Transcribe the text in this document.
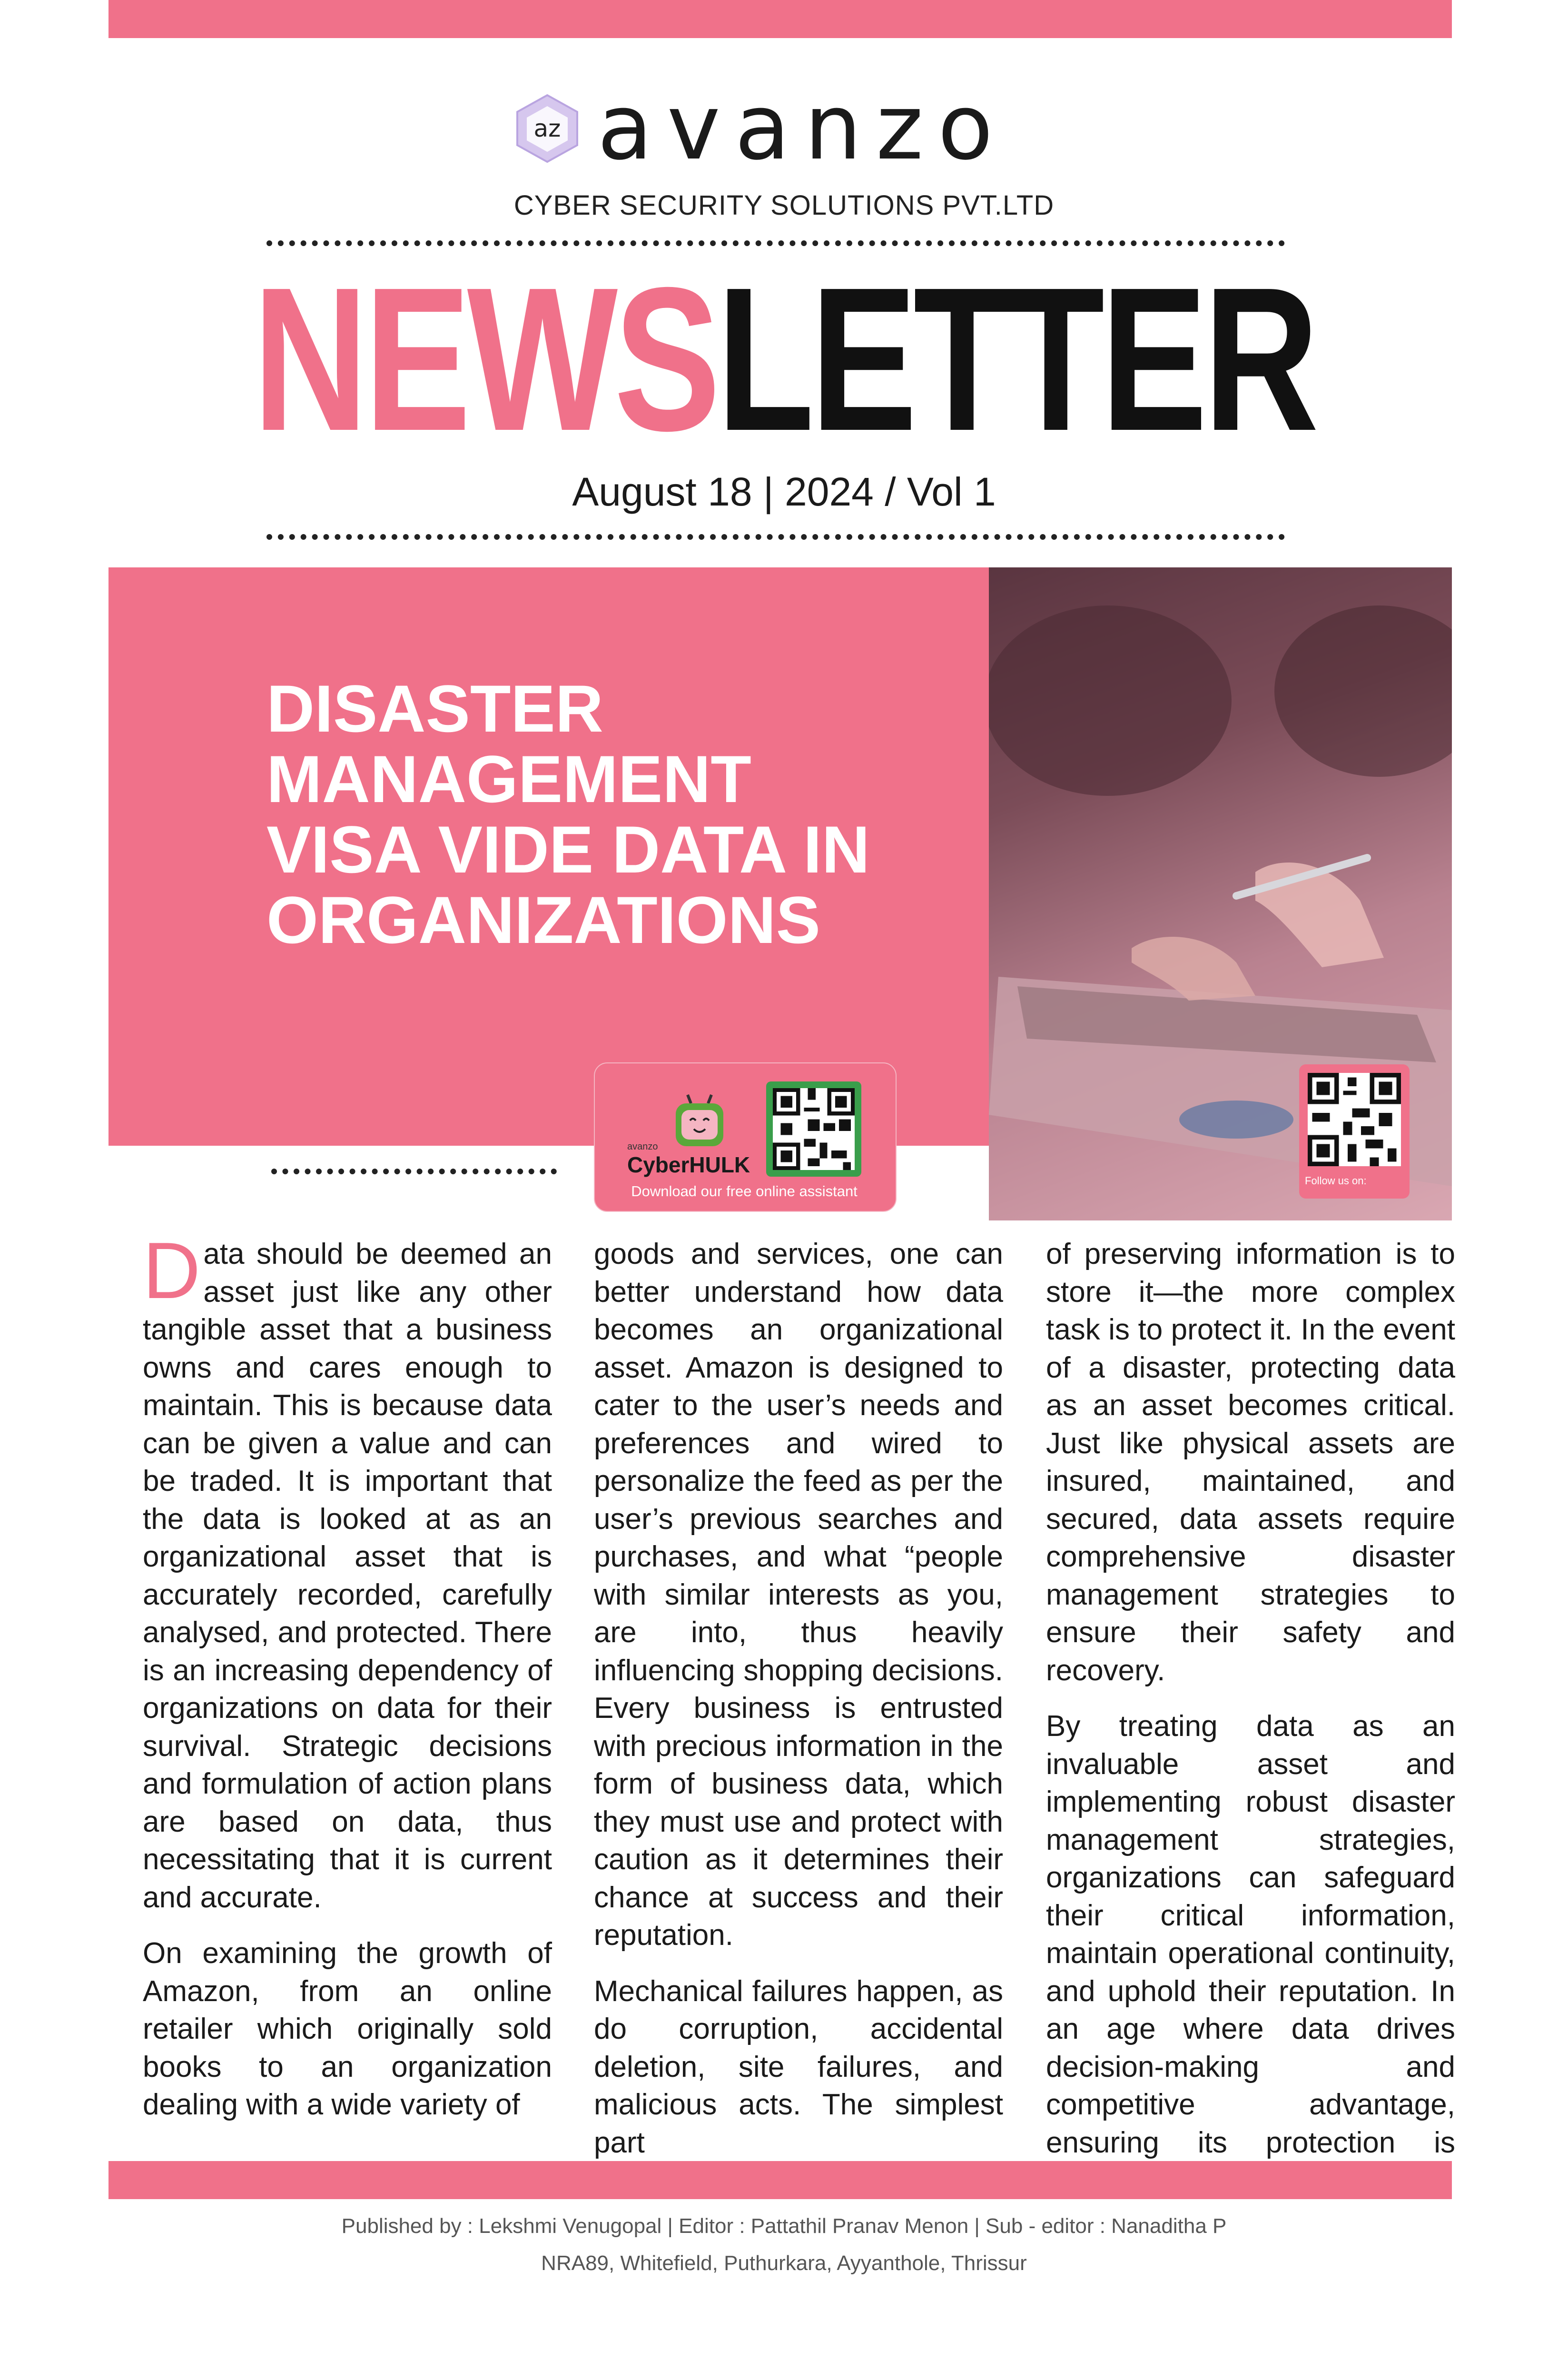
az avanzo
CYBER SECURITY SOLUTIONS PVT.LTD
NEWSLETTER
August 18 | 2024 / Vol 1
DISASTER
MANAGEMENT
VISA VIDE DATA IN
ORGANIZATIONS
Follow us on:
avanzo
CyberHULK
Download our free online assistant

Data should be deemed an asset just like any other tangible asset that a business owns and cares enough to maintain. This is because data can be given a value and can be traded. It is important that the data is looked at as an organizational asset that is accurately recorded, carefully analysed, and protected. There is an increasing dependency of organizations on data for their survival. Strategic decisions and formulation of action plans are based on data, thus necessitating that it is current and accurate.

On examining the growth of Amazon, from an online retailer which originally sold books to an organization dealing with a wide variety of

goods and services, one can better understand how data becomes an organizational asset. Amazon is designed to cater to the user’s needs and preferences and wired to personalize the feed as per the user’s previous searches and purchases, and what “people with similar interests as you, are into, thus heavily influencing shopping decisions. Every business is entrusted with precious information in the form of business data, which they must use and protect with caution as it determines their chance at success and their reputation.

Mechanical failures happen, as do corruption, accidental deletion, site failures, and malicious acts. The simplest part

of preserving information is to store it—the more complex task is to protect it. In the event of a disaster, protecting data as an asset becomes critical. Just like physical assets are insured, maintained, and secured, data assets require comprehensive disaster management strategies to ensure their safety and recovery.

By treating data as an invaluable asset and implementing robust disaster management strategies, organizations can safeguard their critical information, maintain operational continuity, and uphold their reputation. In an age where data drives decision-making and competitive advantage, ensuring its protection is

Published by : Lekshmi Venugopal | Editor : Pattathil Pranav Menon | Sub - editor : Nanaditha P
NRA89, Whitefield, Puthurkara, Ayyanthole, Thrissur
